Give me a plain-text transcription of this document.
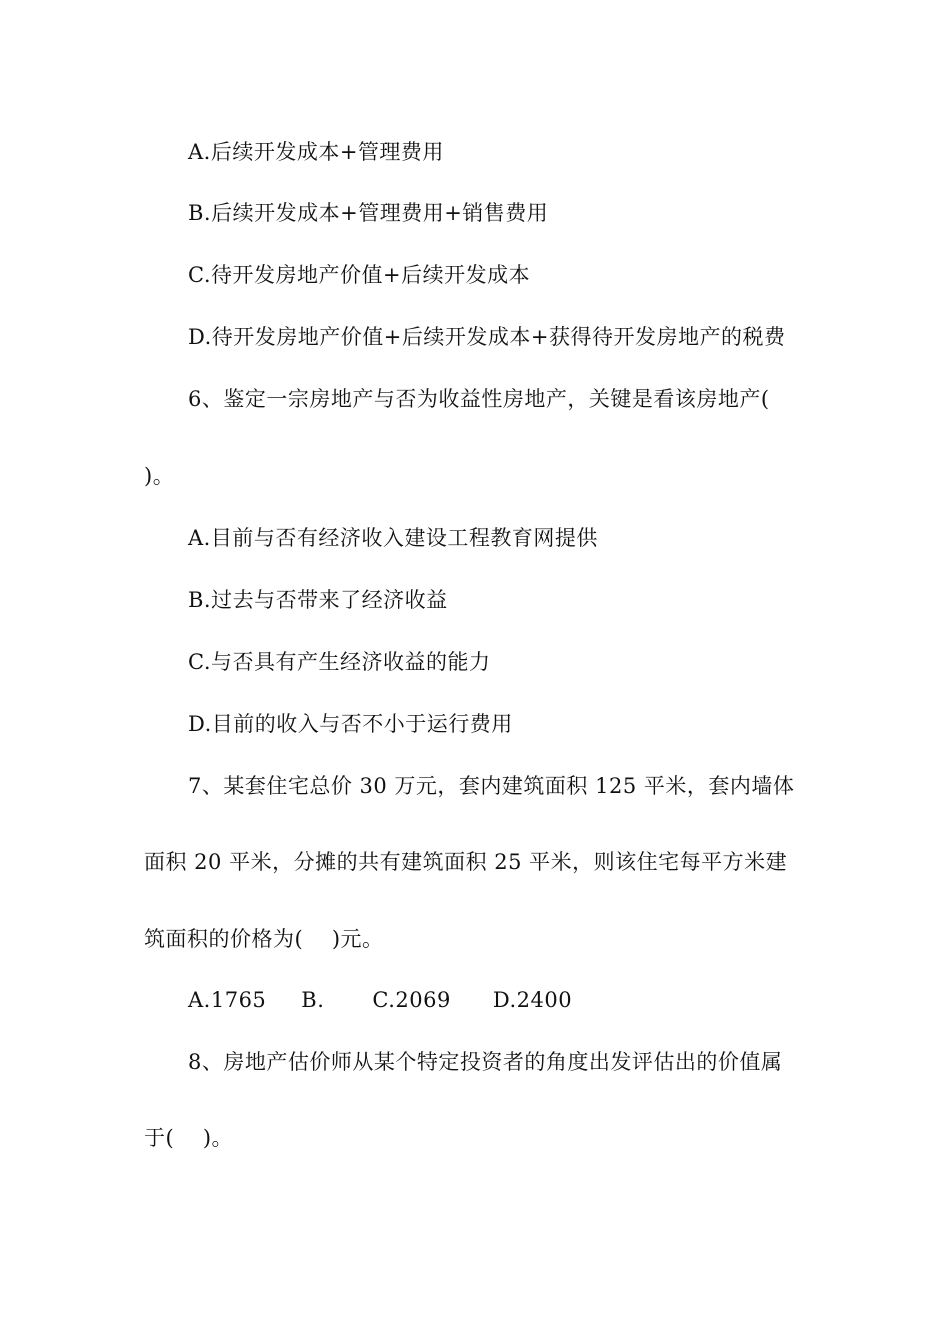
A.后续开发成本+管理费用
B.后续开发成本+管理费用+销售费用
C.待开发房地产价值+后续开发成本
D.待开发房地产价值+后续开发成本+获得待开发房地产的税费
6、鉴定一宗房地产与否为收益性房地产，关键是看该房地产(
)。
A.目前与否有经济收入建设工程教育网提供
B.过去与否带来了经济收益
C.与否具有产生经济收益的能力
D.目前的收入与否不小于运行费用
7、某套住宅总价 30 万元，套内建筑面积 125 平米，套内墙体
面积 20 平米，分摊的共有建筑面积 25 平米，则该住宅每平方米建
筑面积的价格为(　 )元。
A.1765 B. C.2069 D.2400
8、房地产估价师从某个特定投资者的角度出发评估出的价值属
于(　 )。
